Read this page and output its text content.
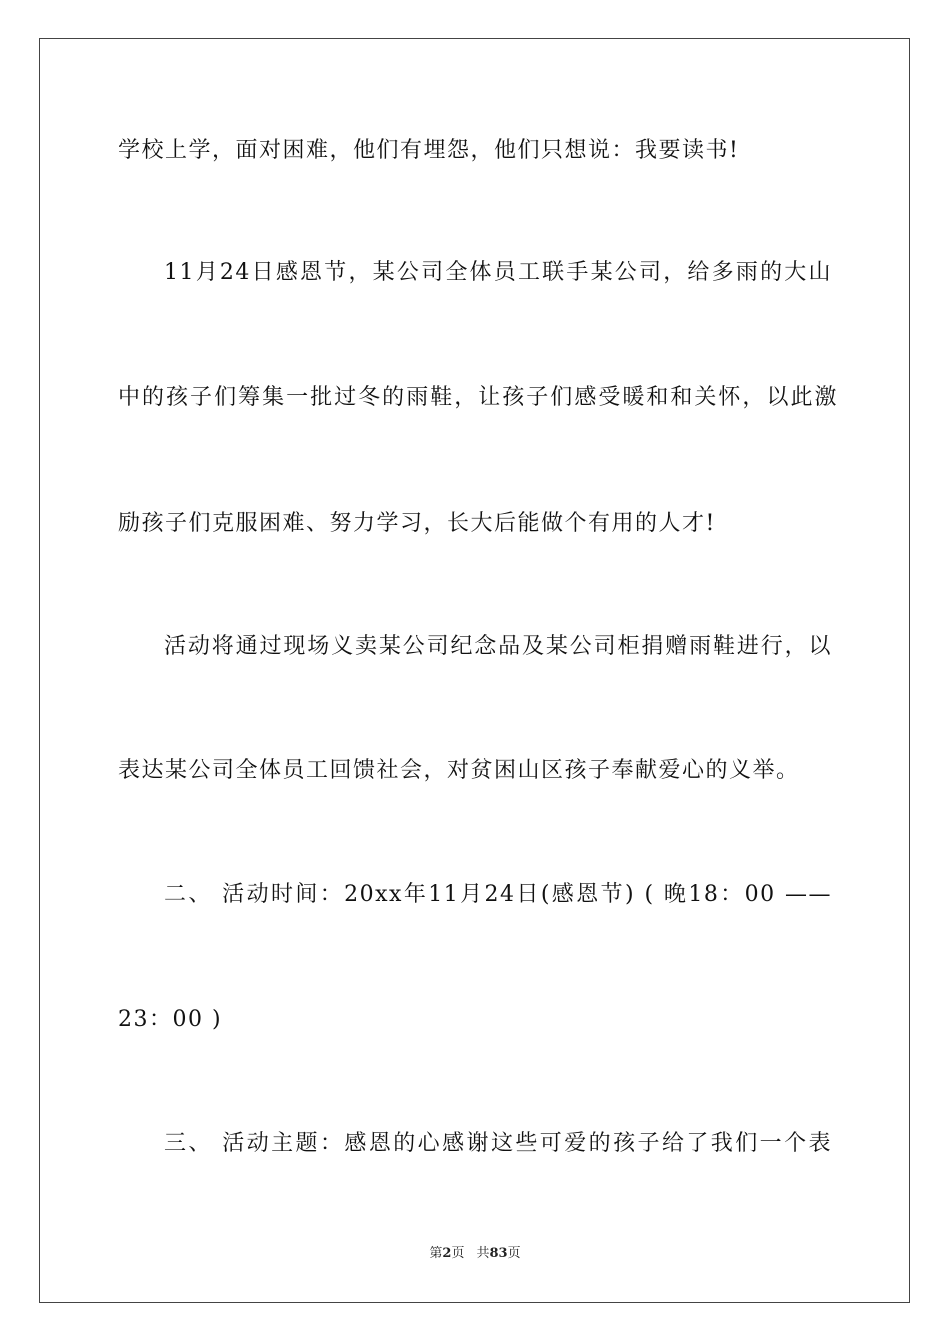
学校上学，面对困难，他们有埋怨，他们只想说：我要读书!
11月24日感恩节，某公司全体员工联手某公司，给多雨的大山
中的孩子们筹集一批过冬的雨鞋，让孩子们感受暖和和关怀，以此激
励孩子们克服困难、努力学习，长大后能做个有用的人才!
活动将通过现场义卖某公司纪念品及某公司柜捐赠雨鞋进行，以
表达某公司全体员工回馈社会，对贫困山区孩子奉献爱心的义举。
二、 活动时间：20xx年11月24日(感恩节) ( 晚18：00 ——
23：00 )
三、 活动主题：感恩的心感谢这些可爱的孩子给了我们一个表
第2页 共83页
